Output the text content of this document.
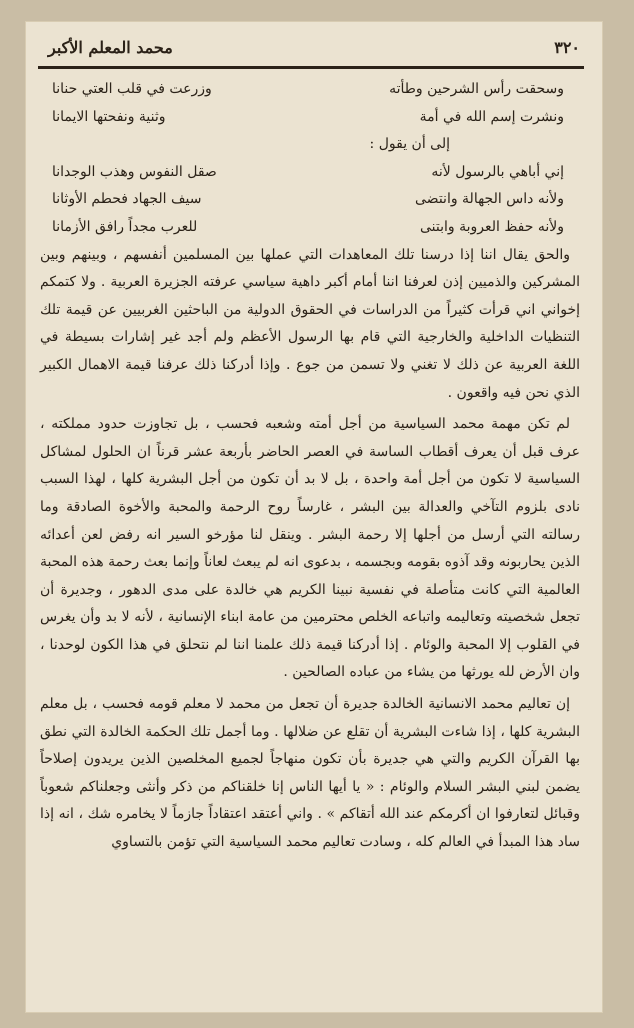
٣٢٠
محمد المعلم الأكبر
وسحقت رأس الشرحين وطأته
وزرعت في قلب العتي حنانا
ونشرت إسم الله في أمة
وثنية ونفحتها الايمانا
إلى أن يقول :
إني أباهي بالرسول لأنه
صقل النفوس وهذب الوجدانا
ولأنه داس الجهالة وانتضى
سيف الجهاد فحطم الأوثانا
ولأنه حفظ العروبة وابتنى
للعرب مجداً رافق الأزمانا

والحق يقال اننا إذا درسنا تلك المعاهدات التي عملها بين المسلمين أنفسهم ، وبينهم وبين المشركين والذميين إذن لعرفنا اننا أمام أكبر داهية سياسي عرفته الجزيرة العربية . ولا كتمكم إخواني اني قرأت كثيراً من الدراسات في الحقوق الدولية من الباحثين الغربيين عن قيمة تلك التنظيات الداخلية والخارجية التي قام بها الرسول الأعظم ولم أجد غير إشارات بسيطة في اللغة العربية عن ذلك لا تغني ولا تسمن من جوع . وإذا أدركنا ذلك عرفنا قيمة الاهمال الكبير الذي نحن فيه واقعون .

لم تكن مهمة محمد السياسية من أجل أمته وشعبه فحسب ، بل تجاوزت حدود مملكته ، عرف قبل أن يعرف أقطاب الساسة في العصر الحاضر بأربعة عشر قرناً ان الحلول لمشاكل السياسية لا تكون من أجل أمة واحدة ، بل لا بد أن تكون من أجل البشرية كلها ، لهذا السبب نادى بلزوم التآخي والعدالة بين البشر ، غارساً روح الرحمة والمحبة والأخوة الصادقة وما رسالته التي أرسل من أجلها إلا رحمة البشر . وينقل لنا مؤرخو السير انه رفض لعن أعدائه الذين يحاربونه وقد آذوه بقومه وبجسمه ، بدعوى انه لم يبعث لعاناً وإنما بعث رحمة هذه المحبة العالمية التي كانت متأصلة في نفسية نبينا الكريم هي خالدة على مدى الدهور ، وجديرة أن تجعل شخصيته وتعاليمه واتباعه الخلص محترمين من عامة ابناء الإنسانية ، لأنه لا بد وأن يغرس في القلوب إلا المحبة والوئام . إذا أدركنا قيمة ذلك علمنا اننا لم نتحلق في هذا الكون لوحدنا ، وان الأرض لله يورثها من يشاء من عباده الصالحين .

إن تعاليم محمد الانسانية الخالدة جديرة أن تجعل من محمد لا معلم قومه فحسب ، بل معلم البشرية كلها ، إذا شاءت البشرية أن تقلع عن ضلالها . وما أجمل تلك الحكمة الخالدة التي نطق بها القرآن الكريم والتي هي جديرة بأن تكون منهاجاً لجميع المخلصين الذين يريدون إصلاحاً يضمن لبني البشر السلام والوئام : « يا أيها الناس إنا خلقناكم من ذكر وأنثى وجعلناكم شعوباً وقبائل لتعارفوا ان أكرمكم عند الله أتقاكم » . واني أعتقد اعتقاداً جازماً لا يخامره شك ، انه إذا ساد هذا المبدأ في العالم كله ، وسادت تعاليم محمد السياسية التي تؤمن بالتساوي
